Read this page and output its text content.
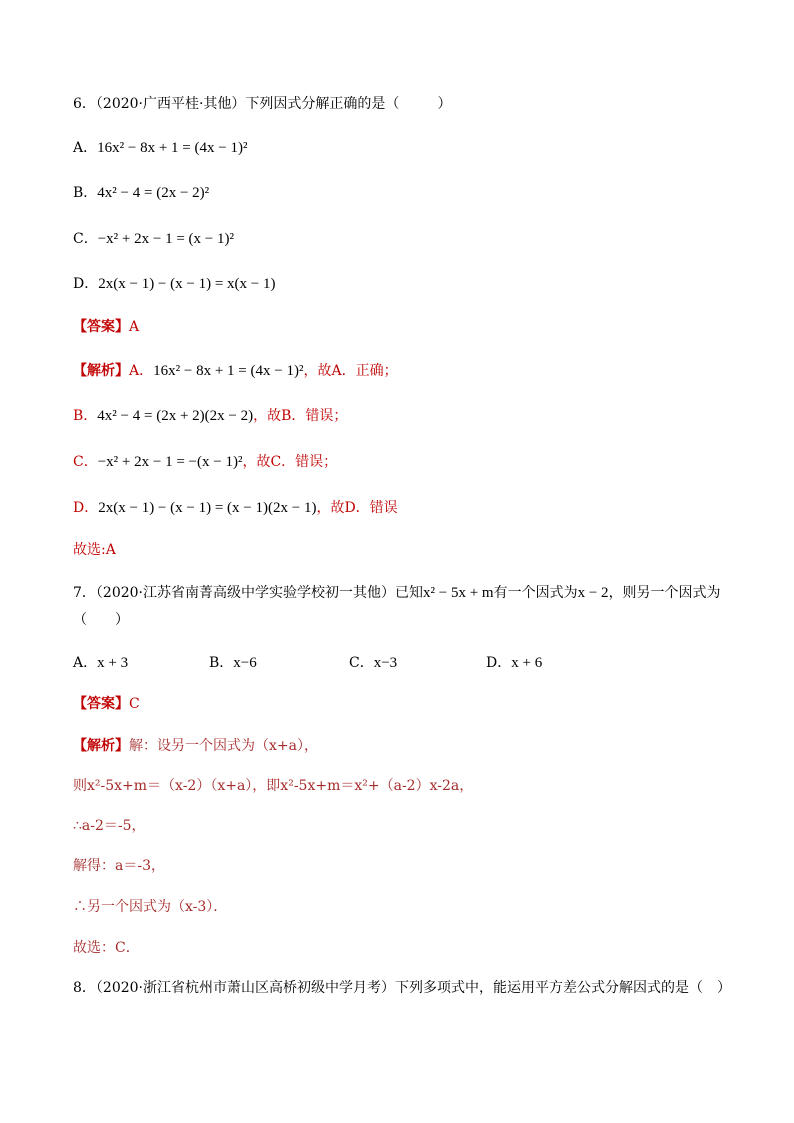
6．（2020·广西平桂·其他）下列因式分解正确的是（	）
A．16x² − 8x + 1 = (4x − 1)²
B．4x² − 4 = (2x − 2)²
C．−x² + 2x − 1 = (x − 1)²
D．2x(x − 1) − (x − 1) = x(x − 1)
【答案】A
【解析】A．16x² − 8x + 1 = (4x − 1)²，故A．正确；
B．4x² − 4 = (2x + 2)(2x − 2)，故B．错误；
C．−x² + 2x − 1 = −(x − 1)²，故C．错误；
D．2x(x − 1) − (x − 1) = (x − 1)(2x − 1)，故D．错误
故选:A
7．（2020·江苏省南菁高级中学实验学校初一其他）已知x² − 5x + m有一个因式为x − 2，则另一个因式为
（　　）
A．x + 3	B．x−6	C．x−3	D．x + 6
【答案】C
【解析】解：设另一个因式为（x+a），
则x²-5x+m＝（x-2）（x+a），即x²-5x+m＝x²+（a-2）x-2a，
∴a-2＝-5，
解得：a＝-3，
∴另一个因式为（x-3）．
故选：C．
8．（2020·浙江省杭州市萧山区高桥初级中学月考）下列多项式中，能运用平方差公式分解因式的是（　）
